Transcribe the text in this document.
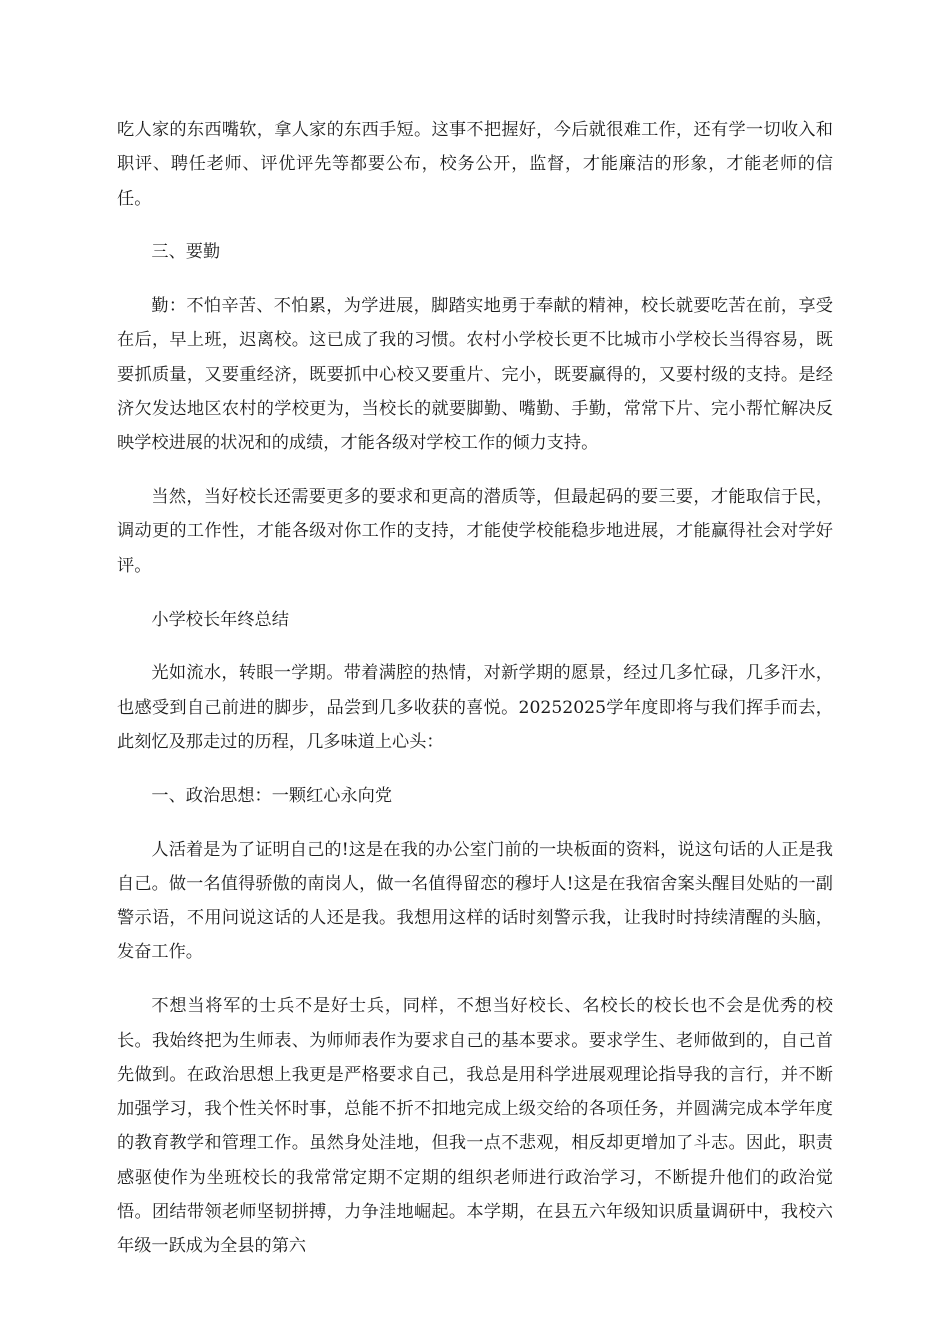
吃人家的东西嘴软，拿人家的东西手短。这事不把握好，今后就很难工作，还有学一切收入和职评、聘任老师、评优评先等都要公布，校务公开，监督，才能廉洁的形象，才能老师的信任。

三、要勤

勤：不怕辛苦、不怕累，为学进展，脚踏实地勇于奉献的精神，校长就要吃苦在前，享受在后，早上班，迟离校。这已成了我的习惯。农村小学校长更不比城市小学校长当得容易，既要抓质量，又要重经济，既要抓中心校又要重片、完小，既要赢得的，又要村级的支持。是经济欠发达地区农村的学校更为，当校长的就要脚勤、嘴勤、手勤，常常下片、完小帮忙解决反映学校进展的状况和的成绩，才能各级对学校工作的倾力支持。

当然，当好校长还需要更多的要求和更高的潜质等，但最起码的要三要，才能取信于民，调动更的工作性，才能各级对你工作的支持，才能使学校能稳步地进展，才能赢得社会对学好评。

小学校长年终总结

光如流水，转眼一学期。带着满腔的热情，对新学期的愿景，经过几多忙碌，几多汗水，也感受到自己前进的脚步，品尝到几多收获的喜悦。20252025学年度即将与我们挥手而去，此刻忆及那走过的历程，几多味道上心头：

一、政治思想：一颗红心永向党

人活着是为了证明自己的!这是在我的办公室门前的一块板面的资料，说这句话的人正是我自己。做一名值得骄傲的南岗人，做一名值得留恋的穆圩人!这是在我宿舍案头醒目处贴的一副警示语，不用问说这话的人还是我。我想用这样的话时刻警示我，让我时时持续清醒的头脑，发奋工作。

不想当将军的士兵不是好士兵，同样，不想当好校长、名校长的校长也不会是优秀的校长。我始终把为生师表、为师师表作为要求自己的基本要求。要求学生、老师做到的，自己首先做到。在政治思想上我更是严格要求自己，我总是用科学进展观理论指导我的言行，并不断加强学习，我个性关怀时事，总能不折不扣地完成上级交给的各项任务，并圆满完成本学年度的教育教学和管理工作。虽然身处洼地，但我一点不悲观，相反却更增加了斗志。因此，职责感驱使作为坐班校长的我常常定期不定期的组织老师进行政治学习，不断提升他们的政治觉悟。团结带领老师坚韧拼搏，力争洼地崛起。本学期，在县五六年级知识质量调研中，我校六年级一跃成为全县的第六
